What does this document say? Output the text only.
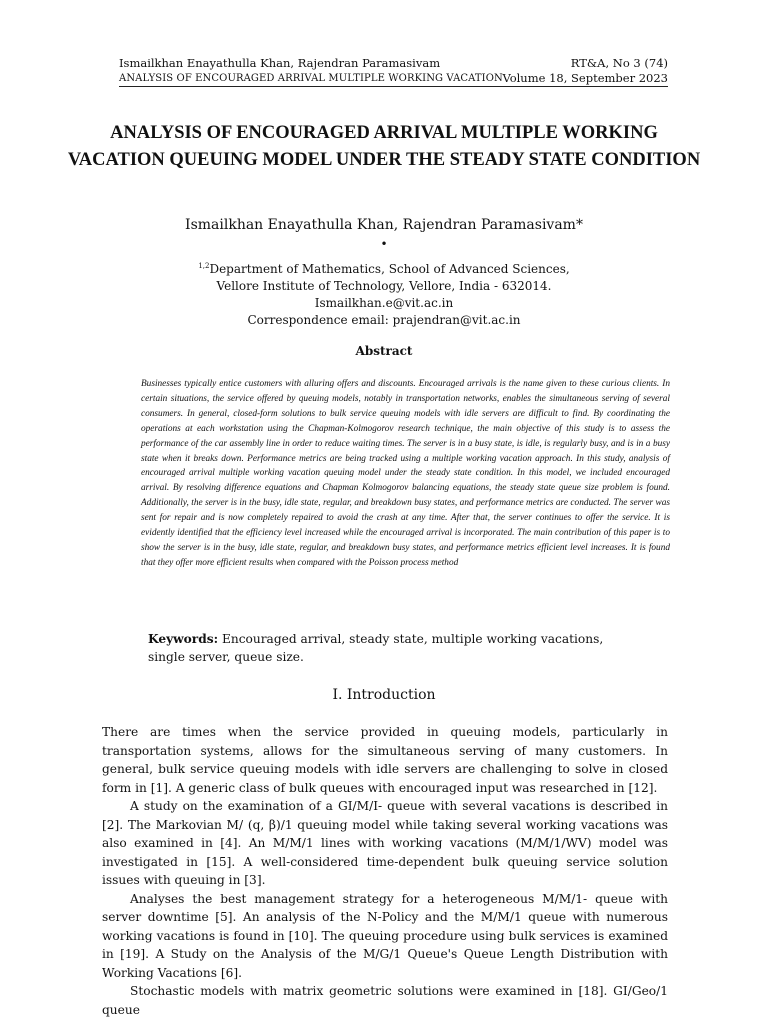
Ismailkhan Enayathulla Khan, Rajendran Paramasivam
ANALYSIS OF ENCOURAGED ARRIVAL MULTIPLE WORKING VACATION
RT&A, No 3 (74)
Volume 18, September 2023
ANALYSIS OF ENCOURAGED ARRIVAL MULTIPLE WORKING VACATION QUEUING MODEL UNDER THE STEADY STATE CONDITION
Ismailkhan Enayathulla Khan, Rajendran Paramasivam*
•
$^{1,2}$Department of Mathematics, School of Advanced Sciences,
Vellore Institute of Technology, Vellore, India - 632014.
Ismailkhan.e@vit.ac.in
Correspondence email: prajendran@vit.ac.in
Abstract
Businesses typically entice customers with alluring offers and discounts. Encouraged arrivals is the name given to these curious clients. In certain situations, the service offered by queuing models, notably in transportation networks, enables the simultaneous serving of several consumers. In general, closed-form solutions to bulk service queuing models with idle servers are difficult to find. By coordinating the operations at each workstation using the Chapman-Kolmogorov research technique, the main objective of this study is to assess the performance of the car assembly line in order to reduce waiting times. The server is in a busy state, is idle, is regularly busy, and is in a busy state when it breaks down. Performance metrics are being tracked using a multiple working vacation approach. In this study, analysis of encouraged arrival multiple working vacation queuing model under the steady state condition. In this model, we included encouraged arrival. By resolving difference equations and Chapman Kolmogorov balancing equations, the steady state queue size problem is found. Additionally, the server is in the busy, idle state, regular, and breakdown busy states, and performance metrics are conducted. The server was sent for repair and is now completely repaired to avoid the crash at any time. After that, the server continues to offer the service. It is evidently identified that the efficiency level increased while the encouraged arrival is incorporated. The main contribution of this paper is to show the server is in the busy, idle state, regular, and breakdown busy states, and performance metrics efficient level increases. It is found that they offer more efficient results when compared with the Poisson process method
Keywords: Encouraged arrival, steady state, multiple working vacations, single server, queue size.
I. Introduction

There are times when the service provided in queuing models, particularly in transportation systems, allows for the simultaneous serving of many customers. In general, bulk service queuing models with idle servers are challenging to solve in closed form in [1]. A generic class of bulk queues with encouraged input was researched in [12].

A study on the examination of a GI/M/I- queue with several vacations is described in [2]. The Markovian M/ (q, β)/1 queuing model while taking several working vacations was also examined in [4]. An M/M/1 lines with working vacations (M/M/1/WV) model was investigated in [15]. A well-considered time-dependent bulk queuing service solution issues with queuing in [3].

Analyses the best management strategy for a heterogeneous M/M/1- queue with server downtime [5]. An analysis of the N-Policy and the M/M/1 queue with numerous working vacations is found in [10]. The queuing procedure using bulk services is examined in [19]. A Study on the Analysis of the M/G/1 Queue's Queue Length Distribution with Working Vacations [6].

Stochastic models with matrix geometric solutions were examined in [18]. GI/Geo/1 queue
